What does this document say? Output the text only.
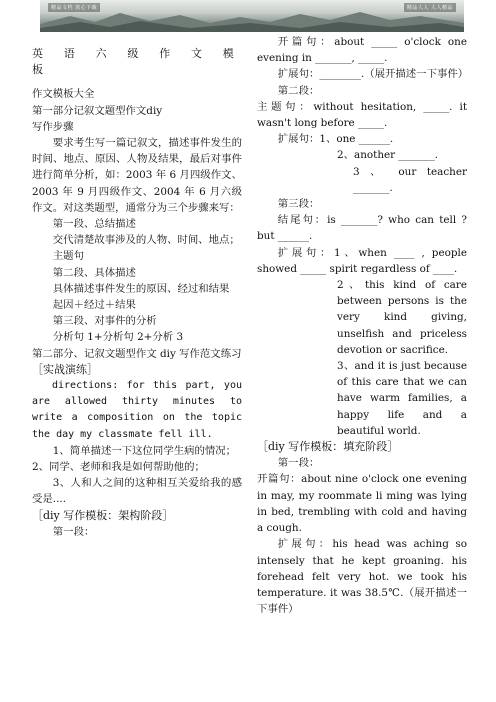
精品文档 放心下载	精品人人 人人精品

英 语 六 级 作 文 模 板

作文模板大全

第一部分记叙文题型作文diy

写作步骤

要求考生写一篇记叙文，描述事件发生的时间、地点、原因、人物及结果，最后对事件进行简单分析，如：2003 年 6 月四级作文、2003 年 9 月四级作文、2004 年 6 月六级作文。对这类题型，通常分为三个步骤来写：

第一段、总结描述

交代清楚故事涉及的人物、时间、地点；

主题句

第二段、具体描述

具体描述事件发生的原因、经过和结果

起因＋经过＋结果

第三段、对事件的分析

分析句 1+分析句 2+分析 3

第二部分、记叙文题型作文 diy 写作范文练习

［实战演练］

directions: for this part, you are allowed thirty minutes to write a composition on the topic the day my classmate fell ill.

1、简单描述一下这位同学生病的情况；

2、同学、老师和我是如何帮助他的；

3、人和人之间的这种相互关爱给我的感受是....

［diy 写作模板：架构阶段］

第一段：

开篇句：about _____ o'clock one evening in _______, _____.

扩展句：________.（展开描述一下事件）

第二段：

主题句：without hesitation, _____. it wasn't long before _____.

扩展句：1、one ______.

2、another _______.

3 、 our teacher _______.

第三段：

结尾句：is _______? who can tell ? but ______.

扩展句：1、when ____ , people showed _____ spirit regardless of ____.

2、this kind of care between persons is the very kind giving, unselfish and priceless devotion or sacrifice.

3、and it is just because of this care that we can have warm families, a happy life and a beautiful world.

［diy 写作模板：填充阶段］

第一段：

开篇句：about nine o'clock one evening in may, my roommate li ming was lying in bed, trembling with cold and having a cough.

扩展句：his head was aching so intensely that he kept groaning. his forehead felt very hot. we took his temperature. it was 38.5℃.（展开描述一下事件）
